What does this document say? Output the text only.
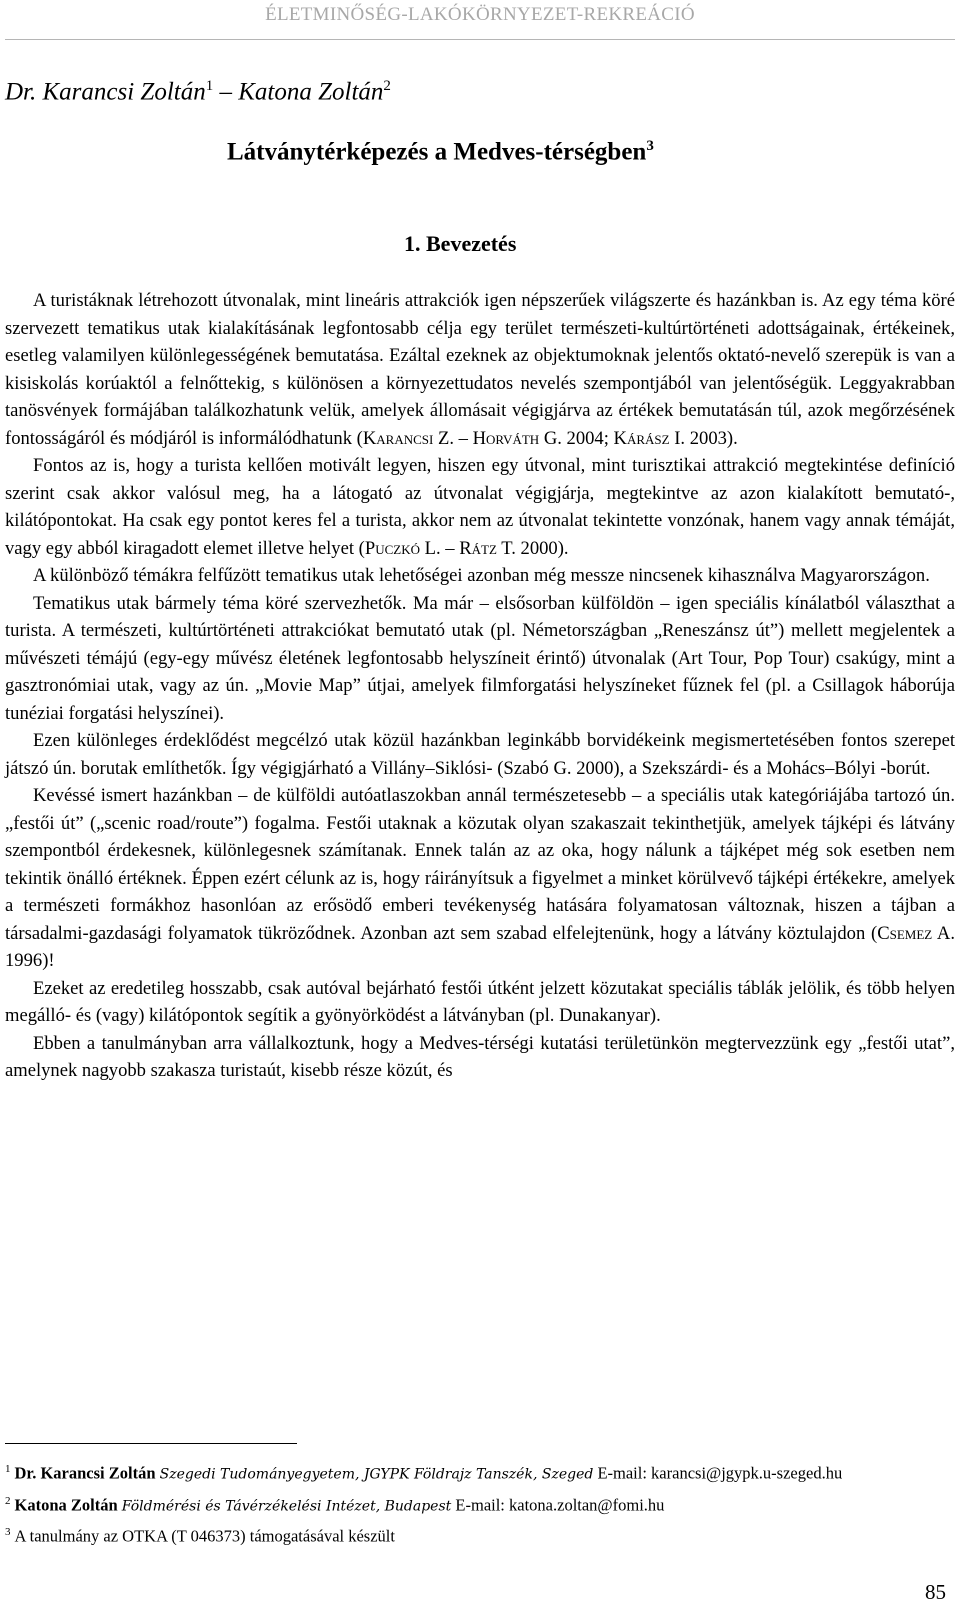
ÉLETMINŐSÉG-LAKÓKÖRNYEZET-REKREÁCIÓ
Dr. Karancsi Zoltán$^1$ – Katona Zoltán$^2$
Látványtérképezés a Medves-térségben$^3$
1. Bevezetés

A turistáknak létrehozott útvonalak, mint lineáris attrakciók igen népszerűek világszerte és hazánkban is. Az egy téma köré szervezett tematikus utak kialakításának legfontosabb célja egy terület természeti-kultúrtörténeti adottságainak, értékeinek, esetleg valamilyen különlegességének bemutatása. Ezáltal ezeknek az objektumoknak jelentős oktató-nevelő szerepük is van a kisiskolás korúaktól a felnőttekig, s különösen a környezettudatos nevelés szempontjából van jelentőségük. Leggyakrabban tanösvények formájában találkozhatunk velük, amelyek állomásait végigjárva az értékek bemutatásán túl, azok megőrzésének fontosságáról és módjáról is informálódhatunk (Karancsi Z. – Horváth G. 2004; Kárász I. 2003).

Fontos az is, hogy a turista kellően motivált legyen, hiszen egy útvonal, mint turisztikai attrakció megtekintése definíció szerint csak akkor valósul meg, ha a látogató az útvonalat végigjárja, megtekintve az azon kialakított bemutató-, kilátópontokat. Ha csak egy pontot keres fel a turista, akkor nem az útvonalat tekintette vonzónak, hanem vagy annak témáját, vagy egy abból kiragadott elemet illetve helyet (Puczkó L. – Rátz T. 2000).

A különböző témákra felfűzött tematikus utak lehetőségei azonban még messze nincsenek kihasználva Magyarországon.

Tematikus utak bármely téma köré szervezhetők. Ma már – elsősorban külföldön – igen speciális kínálatból választhat a turista. A természeti, kultúrtörténeti attrakciókat bemutató utak (pl. Németországban „Reneszánsz út”) mellett megjelentek a művészeti témájú (egy-egy művész életének legfontosabb helyszíneit érintő) útvonalak (Art Tour, Pop Tour) csakúgy, mint a gasztronómiai utak, vagy az ún. „Movie Map” útjai, amelyek filmforgatási helyszíneket fűznek fel (pl. a Csillagok háborúja tunéziai forgatási helyszínei).

Ezen különleges érdeklődést megcélzó utak közül hazánkban leginkább borvidékeink megismertetésében fontos szerepet játszó ún. borutak említhetők. Így végigjárható a Villány–Siklósi- (Szabó G. 2000), a Szekszárdi- és a Mohács–Bólyi -borút.

Kevéssé ismert hazánkban – de külföldi autóatlaszokban annál természetesebb – a speciális utak kategóriájába tartozó ún. „festői út” („scenic road/route”) fogalma. Festői utaknak a közutak olyan szakaszait tekinthetjük, amelyek tájképi és látvány szempontból érdekesnek, különlegesnek számítanak. Ennek talán az az oka, hogy nálunk a tájképet még sok esetben nem tekintik önálló értéknek. Éppen ezért célunk az is, hogy ráirányítsuk a figyelmet a minket körülvevő tájképi értékekre, amelyek a természeti formákhoz hasonlóan az erősödő emberi tevékenység hatására folyamatosan változnak, hiszen a tájban a társadalmi-gazdasági folyamatok tükröződnek. Azonban azt sem szabad elfelejtenünk, hogy a látvány köztulajdon (Csemez A. 1996)!

Ezeket az eredetileg hosszabb, csak autóval bejárható festői útként jelzett közutakat speciális táblák jelölik, és több helyen megálló- és (vagy) kilátópontok segítik a gyönyörködést a látványban (pl. Dunakanyar).

Ebben a tanulmányban arra vállalkoztunk, hogy a Medves-térségi kutatási területünkön megtervezzünk egy „festői utat”, amelynek nagyobb szakasza turistaút, kisebb része közút, és

$^1$ Dr. Karancsi Zoltán Szegedi Tudományegyetem, JGYPK Földrajz Tanszék, Szeged E-mail: karancsi@jgypk.u-szeged.hu
$^2$ Katona Zoltán Földmérési és Távérzékelési Intézet, Budapest E-mail: katona.zoltan@fomi.hu
$^3$ A tanulmány az OTKA (T 046373) támogatásával készült
85
